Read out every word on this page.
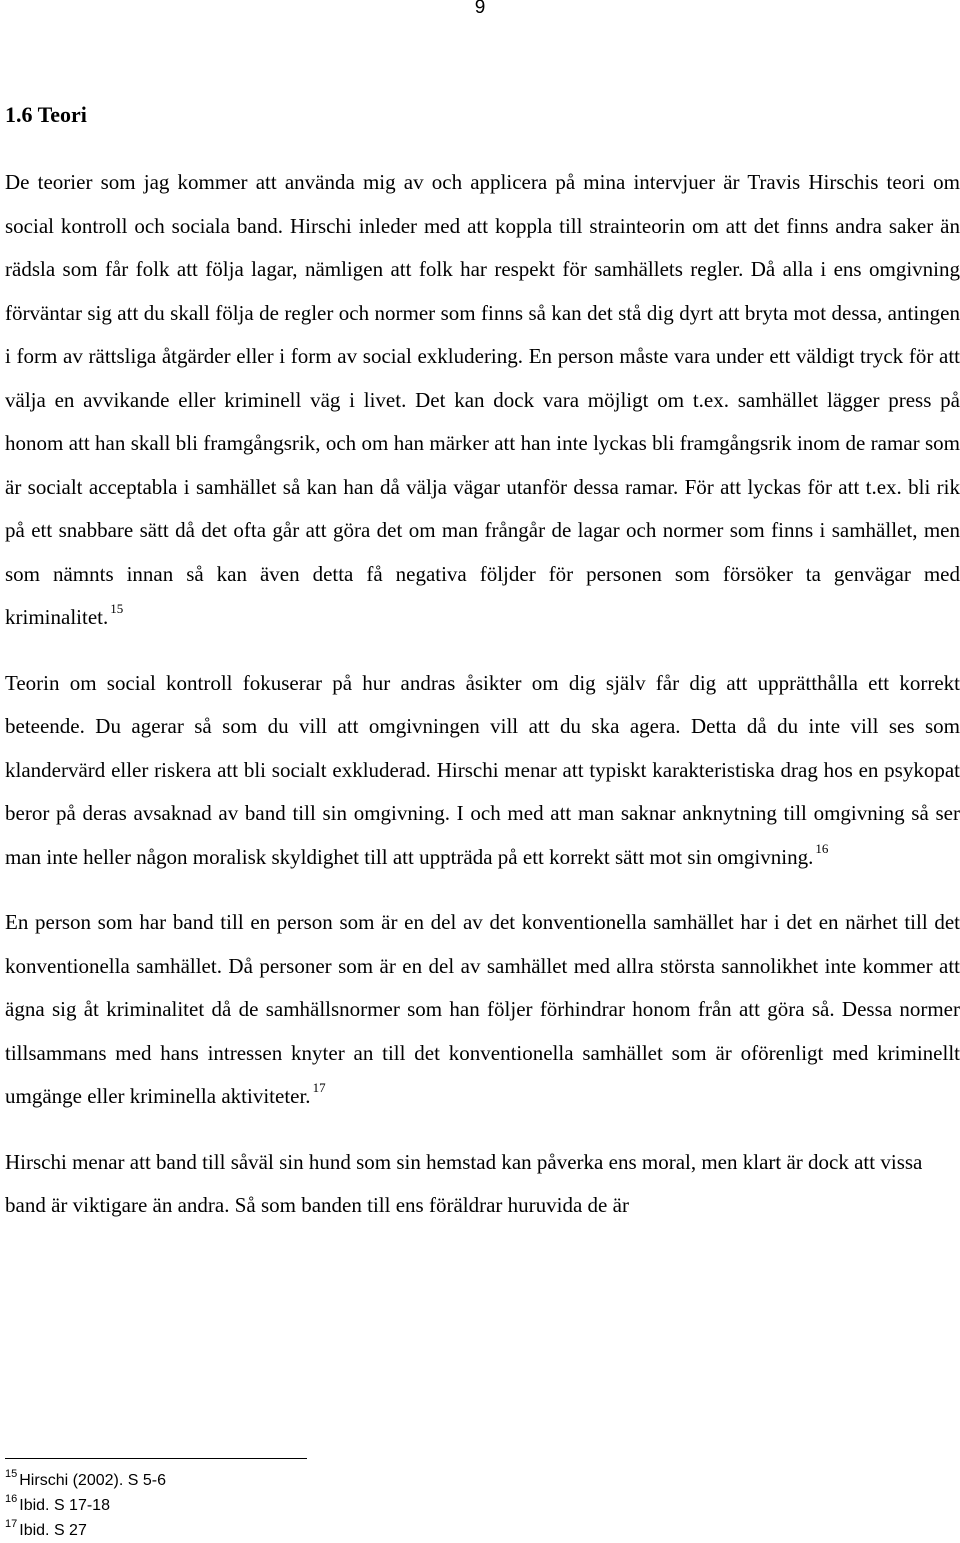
9
1.6 Teori

De teorier som jag kommer att använda mig av och applicera på mina intervjuer är Travis Hirschis teori om social kontroll och sociala band. Hirschi inleder med att koppla till strainteorin om att det finns andra saker än rädsla som får folk att följa lagar, nämligen att folk har respekt för samhällets regler. Då alla i ens omgivning förväntar sig att du skall följa de regler och normer som finns så kan det stå dig dyrt att bryta mot dessa, antingen i form av rättsliga åtgärder eller i form av social exkludering. En person måste vara under ett väldigt tryck för att välja en avvikande eller kriminell väg i livet. Det kan dock vara möjligt om t.ex. samhället lägger press på honom att han skall bli framgångsrik, och om han märker att han inte lyckas bli framgångsrik inom de ramar som är socialt acceptabla i samhället så kan han då välja vägar utanför dessa ramar. För att lyckas för att t.ex. bli rik på ett snabbare sätt då det ofta går att göra det om man frångår de lagar och normer som finns i samhället, men som nämnts innan så kan även detta få negativa följder för personen som försöker ta genvägar med kriminalitet. $^{15}$

Teorin om social kontroll fokuserar på hur andras åsikter om dig själv får dig att upprätthålla ett korrekt beteende. Du agerar så som du vill att omgivningen vill att du ska agera. Detta då du inte vill ses som klandervärd eller riskera att bli socialt exkluderad. Hirschi menar att typiskt karakteristiska drag hos en psykopat beror på deras avsaknad av band till sin omgivning. I och med att man saknar anknytning till omgivning så ser man inte heller någon moralisk skyldighet till att uppträda på ett korrekt sätt mot sin omgivning. $^{16}$

En person som har band till en person som är en del av det konventionella samhället har i det en närhet till det konventionella samhället. Då personer som är en del av samhället med allra största sannolikhet inte kommer att ägna sig åt kriminalitet då de samhällsnormer som han följer förhindrar honom från att göra så. Dessa normer tillsammans med hans intressen knyter an till det konventionella samhället som är oförenligt med kriminellt umgänge eller kriminella aktiviteter. $^{17}$

Hirschi menar att band till såväl sin hund som sin hemstad kan påverka ens moral, men klart är dock att vissa band är viktigare än andra. Så som banden till ens föräldrar huruvida de är

$^{15}$ Hirschi (2002). S 5-6
$^{16}$ Ibid. S 17-18
$^{17}$ Ibid. S 27
